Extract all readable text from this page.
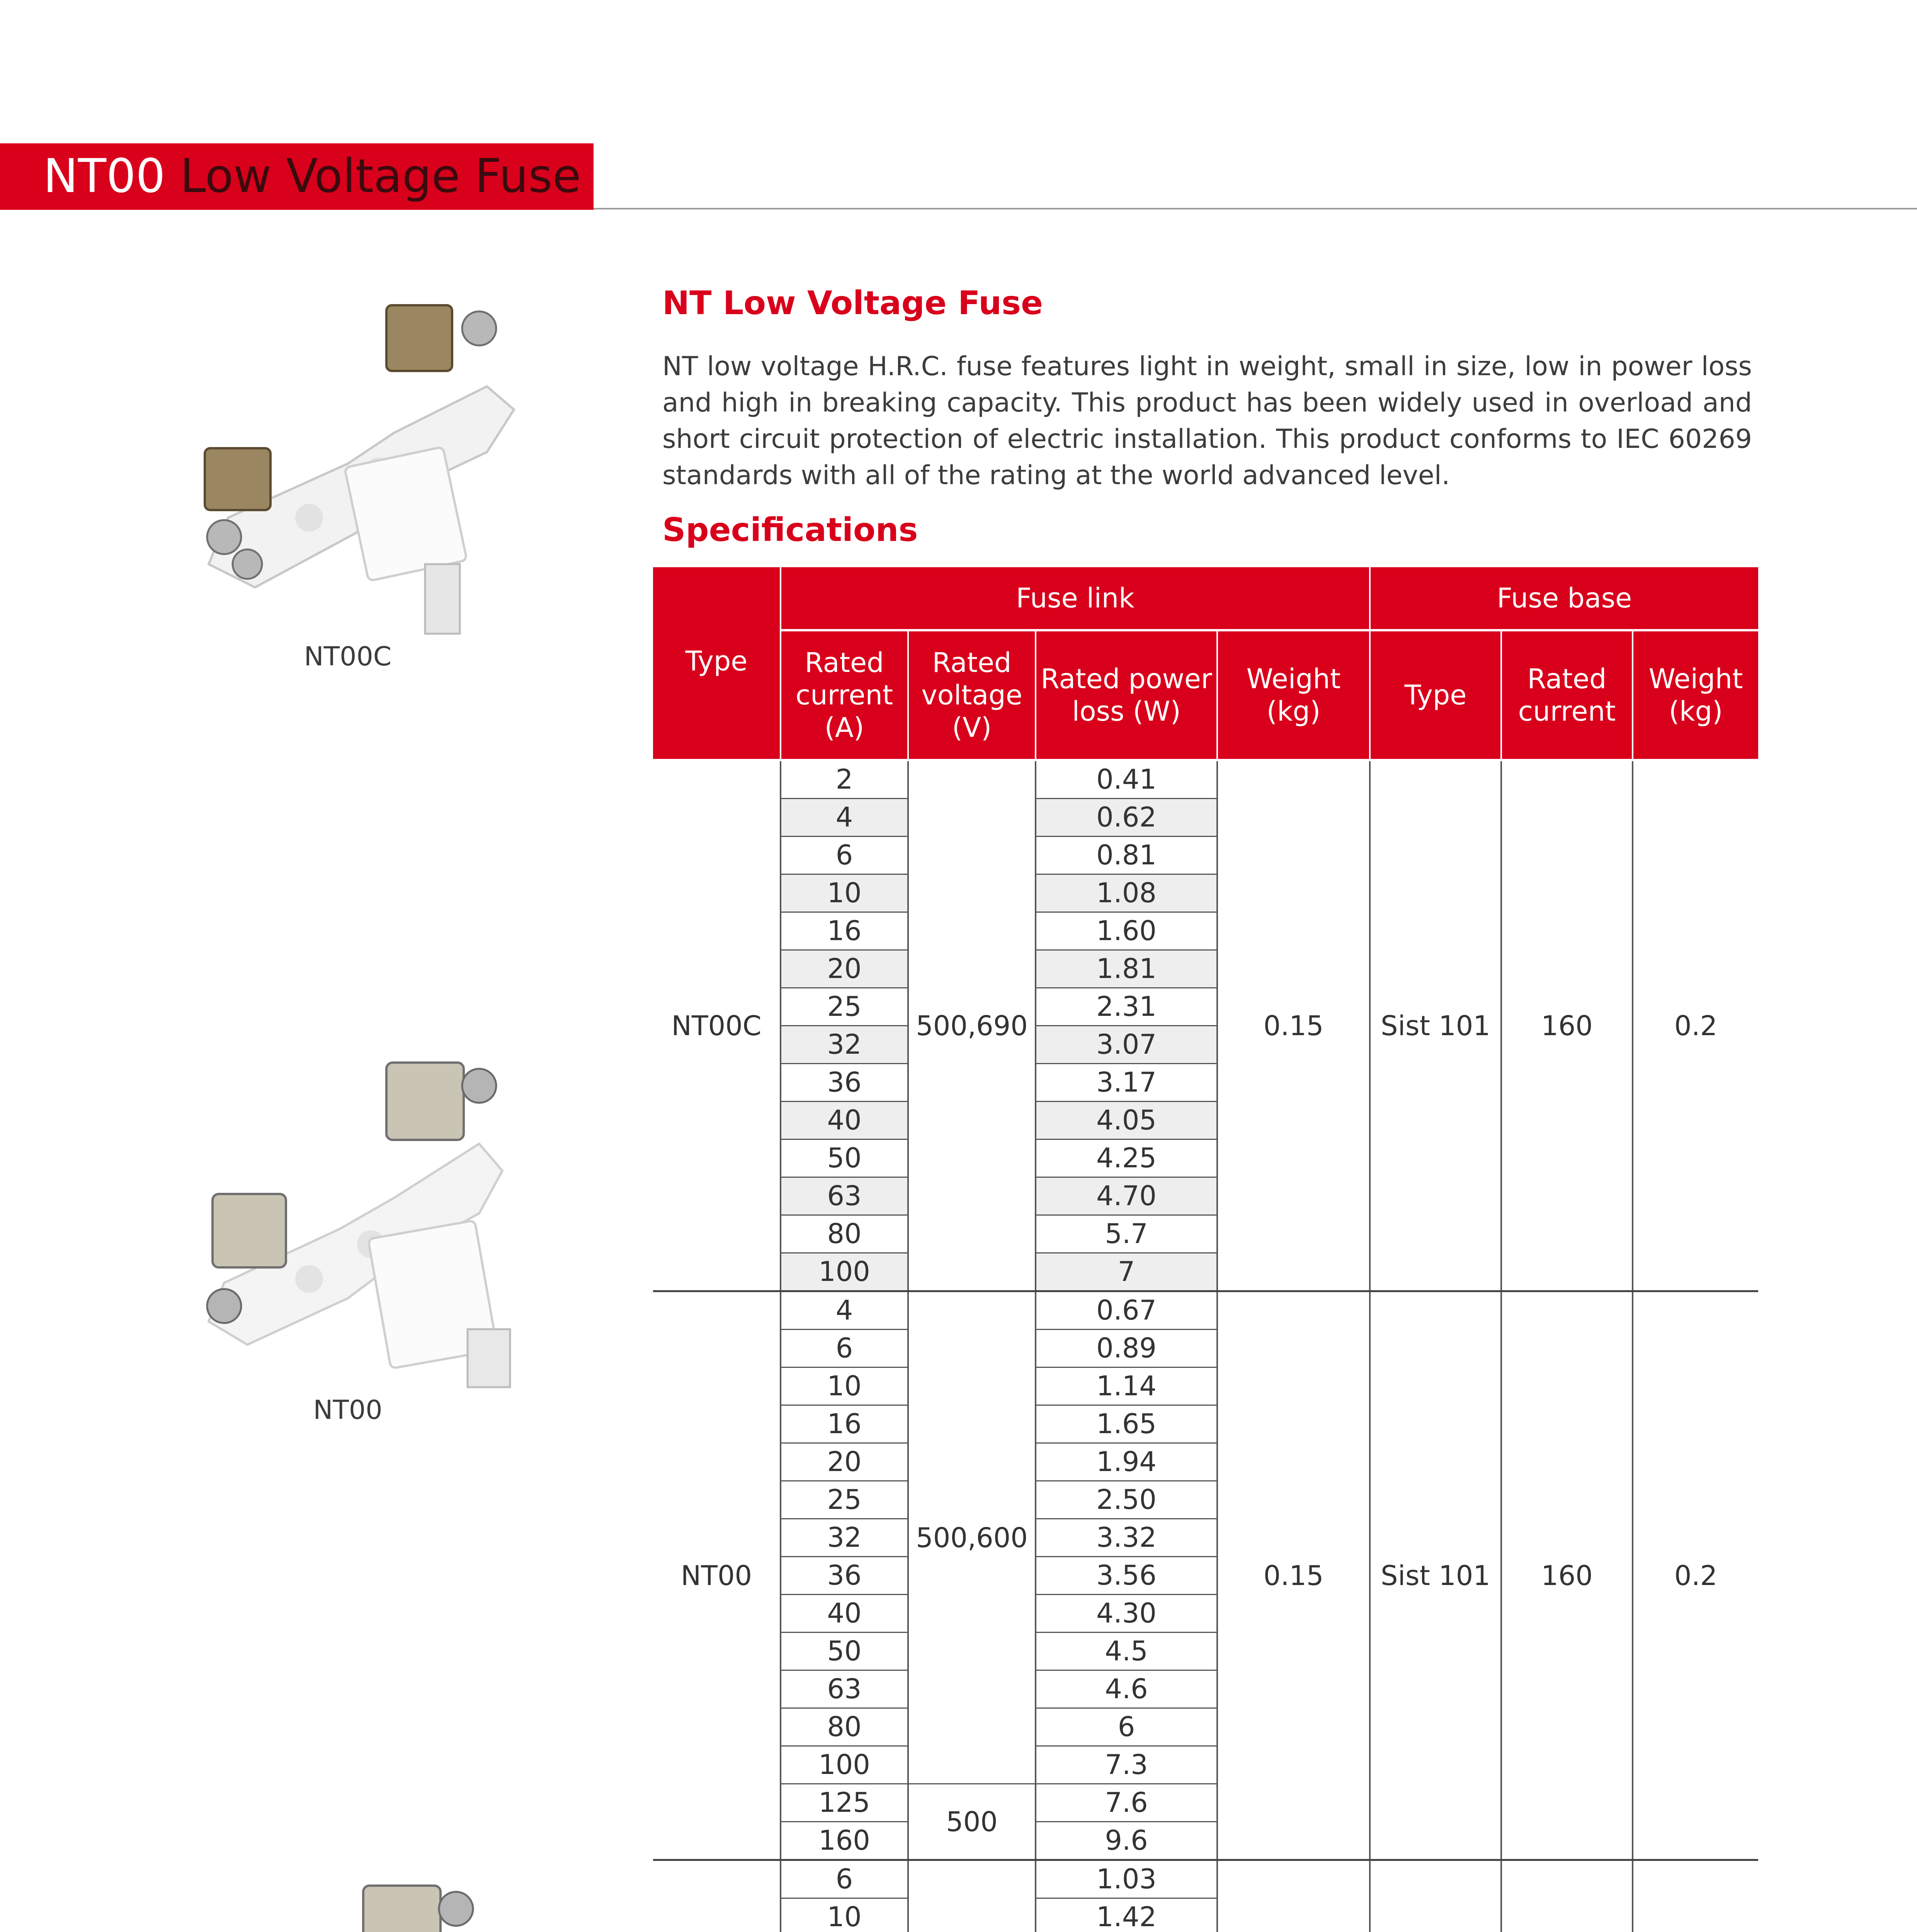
NT00 Low Voltage Fuse
NT Low Voltage Fuse
NT low voltage H.R.C. fuse features light in weight, small in size, low in power loss and high in breaking capacity. This product has been widely used in overload and short circuit protection of electric installation. This product conforms to IEC 60269 standards with all of the rating at the world advanced level.
Specifications
NT00C
NT00
Type	Fuse link				Fuse base		
	Rated current (A)	Rated voltage (V)	Rated power loss (W)	Weight (kg)	Type	Rated current	Weight (kg)
NT00C	2	500,690	0.41	0.15	Sist 101	160	0.2
	4		0.62				
	6		0.81				
	10		1.08				
	16		1.60				
	20		1.81				
	25		2.31				
	32		3.07				
	36		3.17				
	40		4.05				
	50		4.25				
	63		4.70				
	80		5.7				
	100		7				
NT00	4	500,600	0.67	0.15	Sist 101	160	0.2
	6		0.89				
	10		1.14				
	16		1.65				
	20		1.94				
	25		2.50				
	32		3.32				
	36		3.56				
	40		4.30				
	50		4.5				
	63		4.6				
	80		6				
	100		7.3				
	125	500	7.6				
	160		9.6				
	6		1.03				
	10		1.42				
